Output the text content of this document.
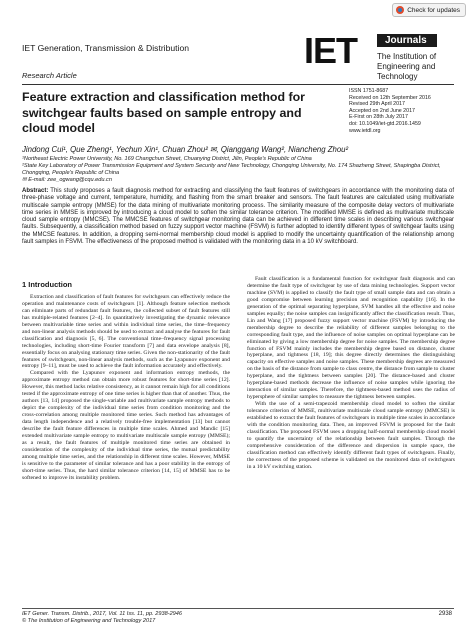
Check for updates
IET Generation, Transmission & Distribution
Research Article
IET	Journals
The Institution of
Engineering and Technology
Feature extraction and classification method for switchgear faults based on sample entropy and cloud model
ISSN 1751-8687
Received on 12th September 2016
Revised 29th April 2017
Accepted on 2nd June 2017
E-First on 28th July 2017
doi: 10.1049/iet-gtd.2016.1459
www.ietdl.org
Jindong Cui¹, Que Zheng¹, Yechun Xin¹, Chuan Zhou² ✉, Qianggang Wang², Niancheng Zhou²
¹Northeast Electric Power University, No. 169 Changchun Street, Chuanying District, Jilin, People's Republic of China
²State Key Laboratory of Power Transmission Equipment and System Security and New Technology, Chongqing University, No. 174 Shazheng Street, Shapingba District, Chongqing, People's Republic of China
✉ E-mail: zee_ogwang@cqu.edu.cn
Abstract: This study proposes a fault diagnosis method for extracting and classifying the fault features of switchgears in accordance with the monitoring data of three-phase voltage and current, temperature, humidity, and flashing from the smart breaker and sensors. The fault features are calculated using multivariate multiscale sample entropy (MMSE) for the data mining of multivariate monitoring process. The similarity measure of the composite delay vectors of multivariate time series in MMSE is improved by introducing a cloud model to soften the similar tolerance criterion. The modified MMSE is defined as multivariate multiscale cloud sample entropy (MMCSE). The MMCSE features of switchgear monitoring data can be achieved in different time scales in describing various switchgear faults. Subsequently, a classification method based on fuzzy support vector machine (FSVM) is further adopted to identify different types of switchgear faults using the MMCSE features. In addition, a dropping semi-normal membership cloud model is applied to modify the uncertainty quantification of the relationship among fault samples in FSVM. The effectiveness of the proposed method is validated with the monitoring data in a 10 kV switchboard.
1 Introduction

Extraction and classification of fault features for switchgears can effectively reduce the operation and maintenance costs of switchgears [1]. Although feature selection methods can eliminate parts of redundant fault features, the collected subset of fault features still has multiple-related features [2–4]. In quantitatively investigating the dynamic relevance between multivariable time series and within individual time series, the time–frequency and non-linear analysis methods should be used to extract and analyse the features for fault classification and diagnosis [5, 6]. The conventional time–frequency signal processing technologies, including short-time Fourier transform [7] and data envelope analysis [8], essentially focus on analysing stationary time series. Given the non-stationarity of the fault features of switchgears, non-linear analysis methods, such as the Lyapunov exponent and entropy [9–11], must be used to achieve the fault information accurately and effectively.

Compared with the Lyapunov exponent and information entropy methods, the approximate entropy method can obtain more robust features for short-time series [12]. However, this method lacks relative consistency, as it cannot remain high for all conditions tested if the approximate entropy of one time series is higher than that of another. Thus, the authors [13, 14] proposed the single-variable and multivariate sample entropy methods to depict the complexity of the individual time series from condition monitoring and the cross-correlation among multiple monitored time series. Such method has advantages of data length independence and a relatively trouble-free implementation [13] but cannot describe the fault feature differences in multiple time scales. Ahmed and Mandic [15] extended multivariate sample entropy to multivariate multiscale sample entropy (MMSE); as a result, the fault features of multiple monitored time series are obtained in consideration of the complexity of the individual time series, the mutual predictability among multiple time series, and the relationship in different time scales. However, MMSE is sensitive to the parameter of similar tolerance and has a poor stability in the entropy of short-time series. Thus, the hard similar tolerance criterion [14, 15] of MMSE has to be softened to improve its instability problem.

Fault classification is a fundamental function for switchgear fault diagnosis and can determine the fault type of switchgear by use of data mining technologies. Support vector machine (SVM) is applied to classify the fault type of small sample data and can obtain a good compromise between learning precision and recognition capability [16]. In the generation of the optimal separating hyperplane, SVM handles all the effective and noise samples equally; the noise samples can insignificantly affect the classification result. Thus, Lin and Wang [17] proposed fuzzy support vector machine (FSVM) by introducing the membership degree to describe the reliability of different samples belonging to the corresponding fault type, and the influence of noise samples on optimal hyperplane can be eliminated by giving a low membership degree for noise samples. The membership degree function of FSVM mainly includes the membership degree based on distance, cluster hyperplane, and tightness [18, 19]; this degree directly determines the distinguishing capacity on effective samples and noise samples. These membership degrees are measured on the basis of the distance from sample to class centre, the distance from sample to cluster hyperplane, and the tightness between samples [20]. The distance-based and cluster hyperplane-based methods decrease the influence of noise samples while ignoring the interaction of similar samples. Therefore, the tightness-based method uses the radius of hypersphere of similar samples to measure the tightness between samples.

With the use of a semi-trapezoid membership cloud model to soften the similar tolerance criterion of MMSE, multivariate multiscale cloud sample entropy (MMCSE) is established to extract the fault features of switchgears in multiple time scales in accordance with the condition monitoring data. Then, an improved FSVM is proposed for the fault classification. The proposed FSVM uses a dropping half-normal membership cloud model to quantify the uncertainty of the relationship between fault samples. Through the comprehensive consideration of the difference and dispersion in sample space, the classification method can effectively identify different fault types of switchgears. Finally, the correctness of the proposed scheme is validated on the monitored data of switchgears in a 10 kV switching station.

IET Gener. Transm. Distrib., 2017, Vol. 11 Iss. 11, pp. 2938-2946
© The Institution of Engineering and Technology 2017
2938
